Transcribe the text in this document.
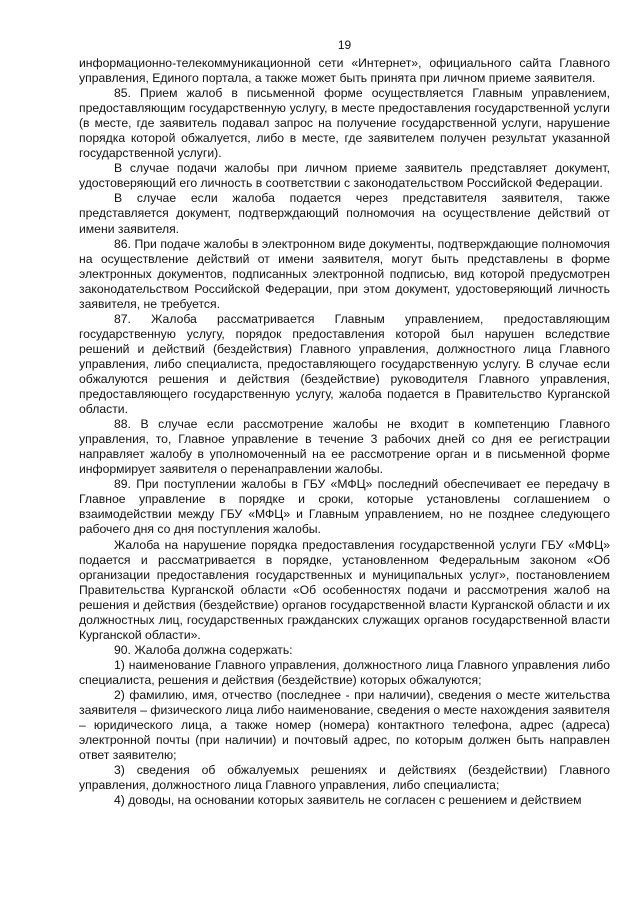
19

информационно-телекоммуникационной сети «Интернет», официального сайта Главного управления, Единого портала, а также может быть принята при личном приеме заявителя.

85. Прием жалоб в письменной форме осуществляется Главным управлением, предоставляющим государственную услугу, в месте предоставления государственной услуги (в месте, где заявитель подавал запрос на получение государственной услуги, нарушение порядка которой обжалуется, либо в месте, где заявителем получен результат указанной государственной услуги).

В случае подачи жалобы при личном приеме заявитель представляет документ, удостоверяющий его личность в соответствии с законодательством Российской Федерации.

В случае если жалоба подается через представителя заявителя, также представляется документ, подтверждающий полномочия на осуществление действий от имени заявителя.

86. При подаче жалобы в электронном виде документы, подтверждающие полномочия на осуществление действий от имени заявителя, могут быть представлены в форме электронных документов, подписанных электронной подписью, вид которой предусмотрен законодательством Российской Федерации, при этом документ, удостоверяющий личность заявителя, не требуется.

87. Жалоба рассматривается Главным управлением, предоставляющим государственную услугу, порядок предоставления которой был нарушен вследствие решений и действий (бездействия) Главного управления, должностного лица Главного управления, либо специалиста, предоставляющего государственную услугу. В случае если обжалуются решения и действия (бездействие) руководителя Главного управления, предоставляющего государственную услугу, жалоба подается в Правительство Курганской области.

88. В случае если рассмотрение жалобы не входит в компетенцию Главного управления, то, Главное управление в течение 3 рабочих дней со дня ее регистрации направляет жалобу в уполномоченный на ее рассмотрение орган и в письменной форме информирует заявителя о перенаправлении жалобы.

89. При поступлении жалобы в ГБУ «МФЦ» последний обеспечивает ее передачу в Главное управление в порядке и сроки, которые установлены соглашением о взаимодействии между ГБУ «МФЦ» и Главным управлением, но не позднее следующего рабочего дня со дня поступления жалобы.

Жалоба на нарушение порядка предоставления государственной услуги ГБУ «МФЦ» подается и рассматривается в порядке, установленном Федеральным законом «Об организации предоставления государственных и муниципальных услуг», постановлением Правительства Курганской области «Об особенностях подачи и рассмотрения жалоб на решения и действия (бездействие) органов государственной власти Курганской области и их должностных лиц, государственных гражданских служащих органов государственной власти Курганской области».

90. Жалоба должна содержать:

1) наименование Главного управления, должностного лица Главного управления либо специалиста, решения и действия (бездействие) которых обжалуются;

2) фамилию, имя, отчество (последнее - при наличии), сведения о месте жительства заявителя – физического лица либо наименование, сведения о месте нахождения заявителя – юридического лица, а также номер (номера) контактного телефона, адрес (адреса) электронной почты (при наличии) и почтовый адрес, по которым должен быть направлен ответ заявителю;

3) сведения об обжалуемых решениях и действиях (бездействии) Главного управления, должностного лица Главного управления, либо специалиста;

4) доводы, на основании которых заявитель не согласен с решением и действием
